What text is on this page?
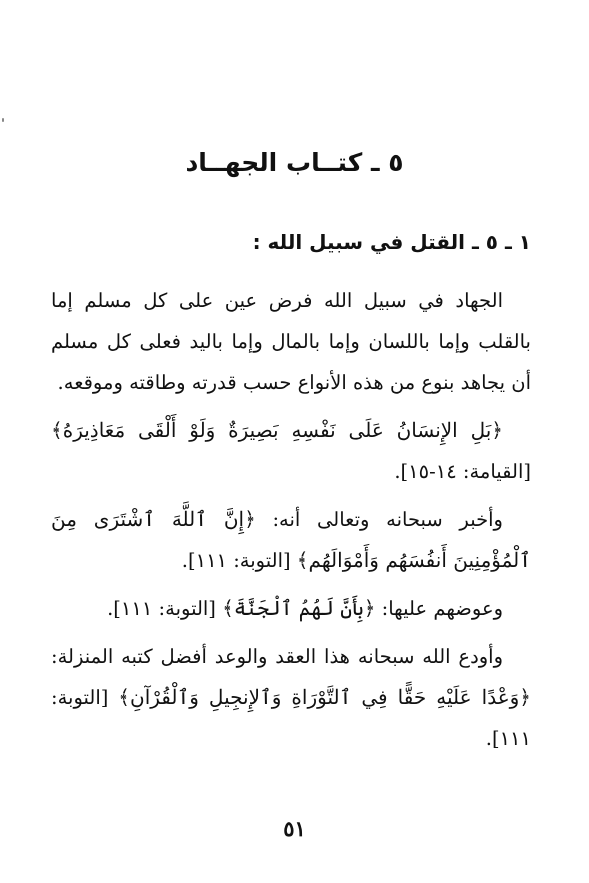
٥ ـ كتــاب الجهــاد
١ ـ ٥ ـ القتل في سبيل الله :

الجهاد في سبيل الله فرض عين على كل مسلم إما بالقلب وإما باللسان وإما بالمال وإما باليد فعلى كل مسلم أن يجاهد بنوع من هذه الأنواع حسب قدرته وطاقته وموقعه.

﴿بَلِ الإِنسَانُ عَلَى نَفْسِهِ بَصِيرَةٌ وَلَوْ أَلْقَى مَعَاذِيرَهُ﴾ [القيامة: ١٤-١٥].

وأخبر سبحانه وتعالى أنه: ﴿إِنَّ ٱللَّهَ ٱشْتَرَى مِنَ ٱلْمُؤْمِنِينَ أَنفُسَهُم وَأَمْوَالَهُم﴾ [التوبة: ١١١].

وعوضهم عليها: ﴿بِأَنَّ لَهُمُ ٱلْجَنَّةَ﴾ [التوبة: ١١١].

وأودع الله سبحانه هذا العقد والوعد أفضل كتبه المنزلة: ﴿وَعْدًا عَلَيْهِ حَقًّا فِي ٱلتَّوْرَاةِ وَٱلإِنجِيلِ وَٱلْقُرْآنِ﴾ [التوبة: ١١١].

٥١
